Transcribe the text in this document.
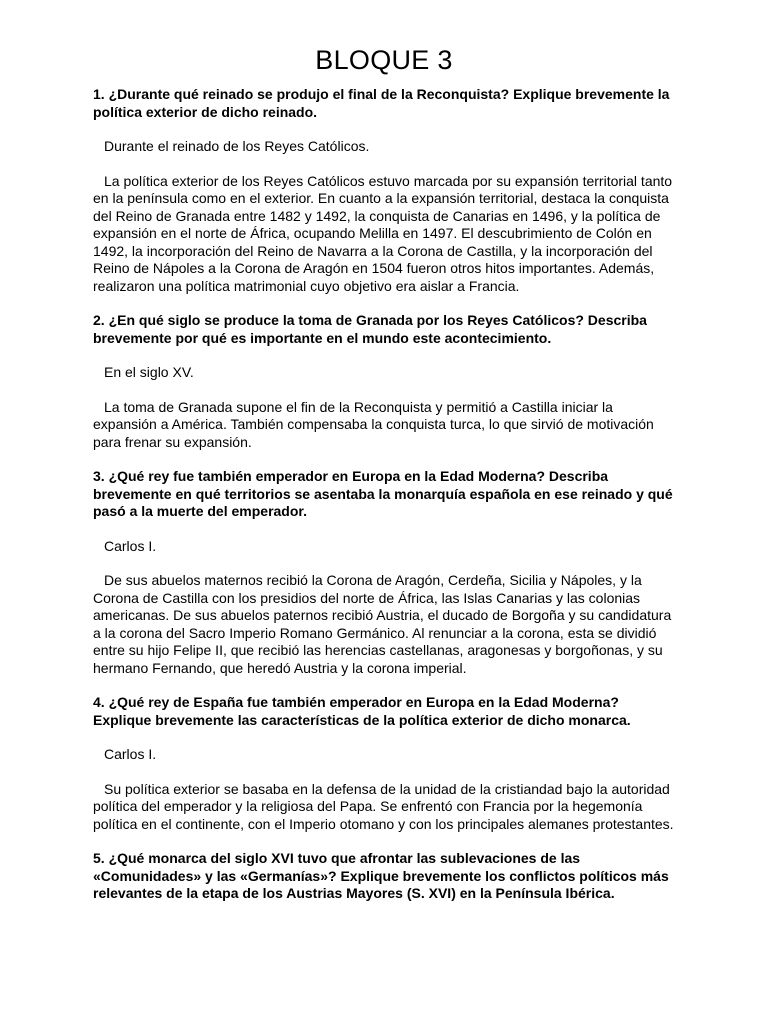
BLOQUE 3

1. ¿Durante qué reinado se produjo el final de la Reconquista? Explique brevemente la política exterior de dicho reinado.

Durante el reinado de los Reyes Católicos.

La política exterior de los Reyes Católicos estuvo marcada por su expansión territorial tanto en la península como en el exterior. En cuanto a la expansión territorial, destaca la conquista del Reino de Granada entre 1482 y 1492, la conquista de Canarias en 1496, y la política de expansión en el norte de África, ocupando Melilla en 1497. El descubrimiento de Colón en 1492, la incorporación del Reino de Navarra a la Corona de Castilla, y la incorporación del Reino de Nápoles a la Corona de Aragón en 1504 fueron otros hitos importantes. Además, realizaron una política matrimonial cuyo objetivo era aislar a Francia.

2. ¿En qué siglo se produce la toma de Granada por los Reyes Católicos? Describa brevemente por qué es importante en el mundo este acontecimiento.

En el siglo XV.

La toma de Granada supone el fin de la Reconquista y permitió a Castilla iniciar la expansión a América. También compensaba la conquista turca, lo que sirvió de motivación para frenar su expansión.

3. ¿Qué rey fue también emperador en Europa en la Edad Moderna? Describa brevemente en qué territorios se asentaba la monarquía española en ese reinado y qué pasó a la muerte del emperador.

Carlos I.

De sus abuelos maternos recibió la Corona de Aragón, Cerdeña, Sicilia y Nápoles, y la Corona de Castilla con los presidios del norte de África, las Islas Canarias y las colonias americanas. De sus abuelos paternos recibió Austria, el ducado de Borgoña y su candidatura a la corona del Sacro Imperio Romano Germánico. Al renunciar a la corona, esta se dividió entre su hijo Felipe II, que recibió las herencias castellanas, aragonesas y borgoñonas, y su hermano Fernando, que heredó Austria y la corona imperial.

4. ¿Qué rey de España fue también emperador en Europa en la Edad Moderna? Explique brevemente las características de la política exterior de dicho monarca.

Carlos I.

Su política exterior se basaba en la defensa de la unidad de la cristiandad bajo la autoridad política del emperador y la religiosa del Papa. Se enfrentó con Francia por la hegemonía política en el continente, con el Imperio otomano y con los principales alemanes protestantes.

5. ¿Qué monarca del siglo XVI tuvo que afrontar las sublevaciones de las «Comunidades» y las «Germanías»? Explique brevemente los conflictos políticos más relevantes de la etapa de los Austrias Mayores (S. XVI) en la Península Ibérica.
